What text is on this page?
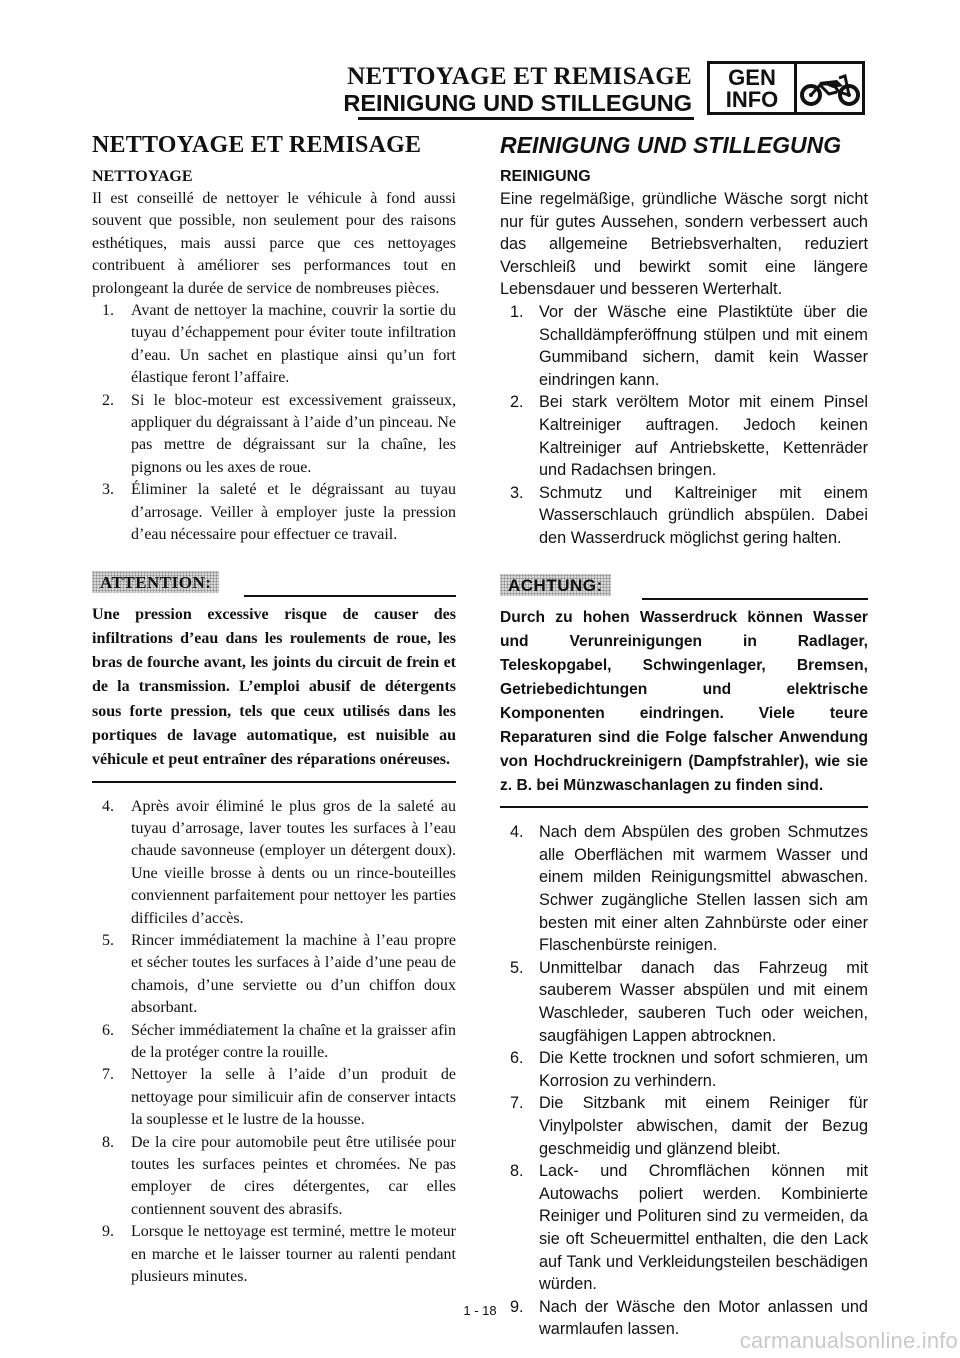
NETTOYAGE ET REMISAGE
REINIGUNG UND STILLEGUNG
GEN
INFO
NETTOYAGE ET REMISAGE
NETTOYAGE

Il est conseillé de nettoyer le véhicule à fond aussi souvent que possible, non seulement pour des raisons esthétiques, mais aussi parce que ces nettoyages contribuent à améliorer ses performances tout en prolongeant la durée de service de nombreuses pièces.

1. Avant de nettoyer la machine, couvrir la sortie du tuyau d’échappement pour éviter toute infiltration d’eau. Un sachet en plastique ainsi qu’un fort élastique feront l’affaire.
2. Si le bloc-moteur est excessivement graisseux, appliquer du dégraissant à l’aide d’un pinceau. Ne pas mettre de dégraissant sur la chaîne, les pignons ou les axes de roue.
3. Éliminer la saleté et le dégraissant au tuyau d’arrosage. Veiller à employer juste la pression d’eau nécessaire pour effectuer ce travail.
ATTENTION:

Une pression excessive risque de causer des infiltrations d’eau dans les roulements de roue, les bras de fourche avant, les joints du circuit de frein et de la transmission. L’emploi abusif de détergents sous forte pression, tels que ceux utilisés dans les portiques de lavage automatique, est nuisible au véhicule et peut entraîner des réparations onéreuses.

4. Après avoir éliminé le plus gros de la saleté au tuyau d’arrosage, laver toutes les surfaces à l’eau chaude savonneuse (employer un détergent doux). Une vieille brosse à dents ou un rince-bouteilles conviennent parfaitement pour nettoyer les parties difficiles d’accès.
5. Rincer immédiatement la machine à l’eau propre et sécher toutes les surfaces à l’aide d’une peau de chamois, d’une serviette ou d’un chiffon doux absorbant.
6. Sécher immédiatement la chaîne et la graisser afin de la protéger contre la rouille.
7. Nettoyer la selle à l’aide d’un produit de nettoyage pour similicuir afin de conserver intacts la souplesse et le lustre de la housse.
8. De la cire pour automobile peut être utilisée pour toutes les surfaces peintes et chromées. Ne pas employer de cires détergentes, car elles contiennent souvent des abrasifs.
9. Lorsque le nettoyage est terminé, mettre le moteur en marche et le laisser tourner au ralenti pendant plusieurs minutes.
REINIGUNG UND STILLEGUNG
REINIGUNG

Eine regelmäßige, gründliche Wäsche sorgt nicht nur für gutes Aussehen, sondern verbessert auch das allgemeine Betriebsverhalten, reduziert Verschleiß und bewirkt somit eine längere Lebensdauer und besseren Werterhalt.

1. Vor der Wäsche eine Plastiktüte über die Schalldämpferöffnung stülpen und mit einem Gummiband sichern, damit kein Wasser eindringen kann.
2. Bei stark veröltem Motor mit einem Pinsel Kaltreiniger auftragen. Jedoch keinen Kaltreiniger auf Antriebskette, Kettenräder und Radachsen bringen.
3. Schmutz und Kaltreiniger mit einem Wasserschlauch gründlich abspülen. Dabei den Wasserdruck möglichst gering halten.
ACHTUNG:

Durch zu hohen Wasserdruck können Wasser und Verunreinigungen in Radlager, Teleskopgabel, Schwingenlager, Bremsen, Getriebedichtungen und elektrische Komponenten eindringen. Viele teure Reparaturen sind die Folge falscher Anwendung von Hochdruckreinigern (Dampfstrahler), wie sie z. B. bei Münzwaschanlagen zu finden sind.

4. Nach dem Abspülen des groben Schmutzes alle Oberflächen mit warmem Wasser und einem milden Reinigungsmittel abwaschen. Schwer zugängliche Stellen lassen sich am besten mit einer alten Zahnbürste oder einer Flaschenbürste reinigen.
5. Unmittelbar danach das Fahrzeug mit sauberem Wasser abspülen und mit einem Waschleder, sauberen Tuch oder weichen, saugfähigen Lappen abtrocknen.
6. Die Kette trocknen und sofort schmieren, um Korrosion zu verhindern.
7. Die Sitzbank mit einem Reiniger für Vinylpolster abwischen, damit der Bezug geschmeidig und glänzend bleibt.
8. Lack- und Chromflächen können mit Autowachs poliert werden. Kombinierte Reiniger und Polituren sind zu vermeiden, da sie oft Scheuermittel enthalten, die den Lack auf Tank und Verkleidungsteilen beschädigen würden.
9. Nach der Wäsche den Motor anlassen und warmlaufen lassen.
1 - 18
carmanualsonline.info
